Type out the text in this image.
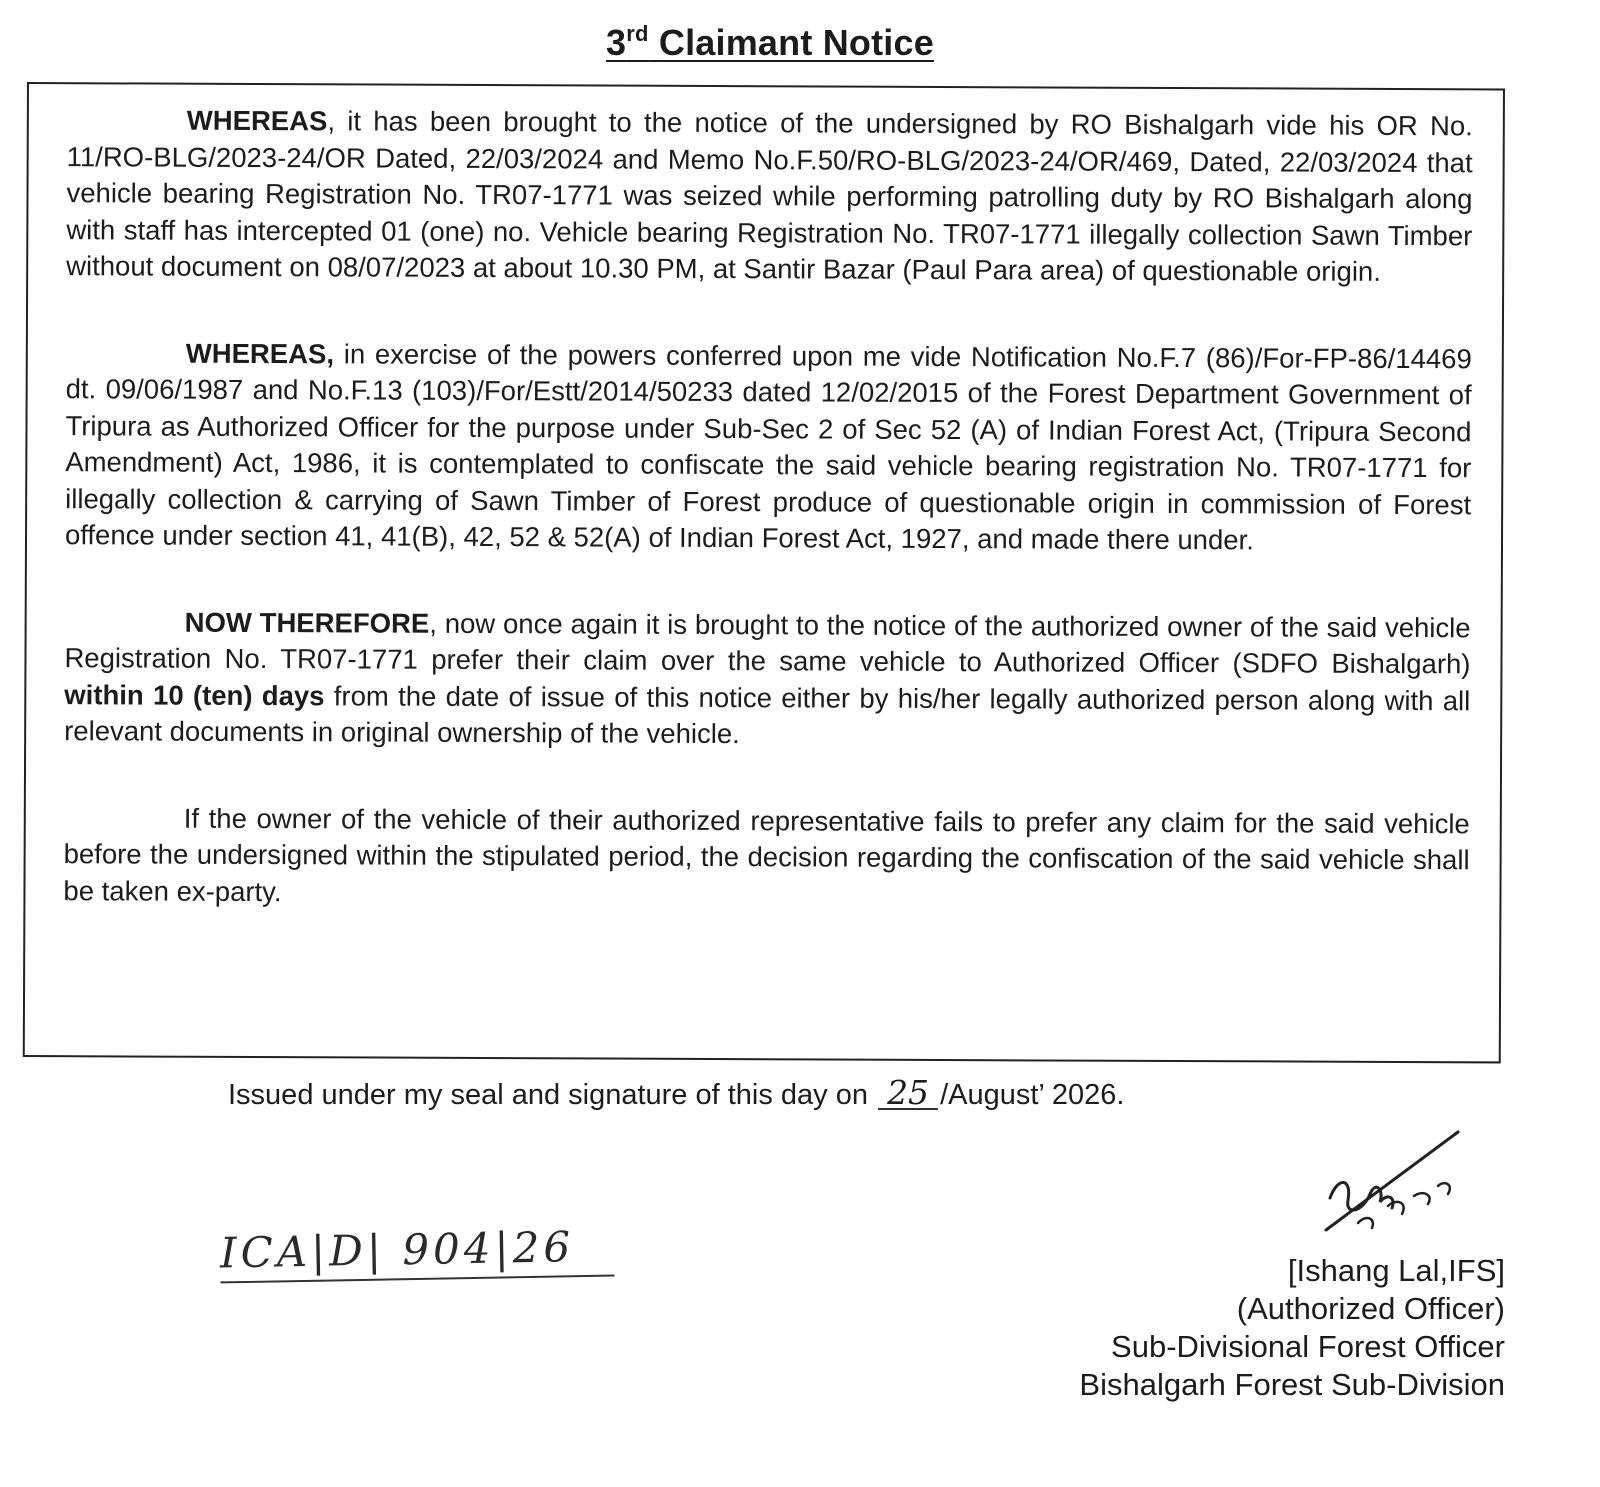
3rd Claimant Notice

WHEREAS, it has been brought to the notice of the undersigned by RO Bishalgarh vide his OR No. 11/RO-BLG/2023-24/OR Dated, 22/03/2024 and Memo No.F.50/RO-BLG/2023-24/OR/469, Dated, 22/03/2024 that vehicle bearing Registration No. TR07-1771 was seized while performing patrolling duty by RO Bishalgarh along with staff has intercepted 01 (one) no. Vehicle bearing Registration No. TR07-1771 illegally collection Sawn Timber without document on 08/07/2023 at about 10.30 PM, at Santir Bazar (Paul Para area) of questionable origin.

WHEREAS, in exercise of the powers conferred upon me vide Notification No.F.7 (86)/For-FP-86/14469 dt. 09/06/1987 and No.F.13 (103)/For/Estt/2014/50233 dated 12/02/2015 of the Forest Department Government of Tripura as Authorized Officer for the purpose under Sub-Sec 2 of Sec 52 (A) of Indian Forest Act, (Tripura Second Amendment) Act, 1986, it is contemplated to confiscate the said vehicle bearing registration No. TR07-1771 for illegally collection & carrying of Sawn Timber of Forest produce of questionable origin in commission of Forest offence under section 41, 41(B), 42, 52 & 52(A) of Indian Forest Act, 1927, and made there under.

NOW THEREFORE, now once again it is brought to the notice of the authorized owner of the said vehicle Registration No. TR07-1771 prefer their claim over the same vehicle to Authorized Officer (SDFO Bishalgarh) within 10 (ten) days from the date of issue of this notice either by his/her legally authorized person along with all relevant documents in original ownership of the vehicle.

If the owner of the vehicle of their authorized representative fails to prefer any claim for the said vehicle before the undersigned within the stipulated period, the decision regarding the confiscation of the said vehicle shall be taken ex-party.

Issued under my seal and signature of this day on 25 /August’ 2026.
ICA|D| 904|26	[Ishang Lal,IFS]
(Authorized Officer)
Sub-Divisional Forest Officer
Bishalgarh Forest Sub-Division
